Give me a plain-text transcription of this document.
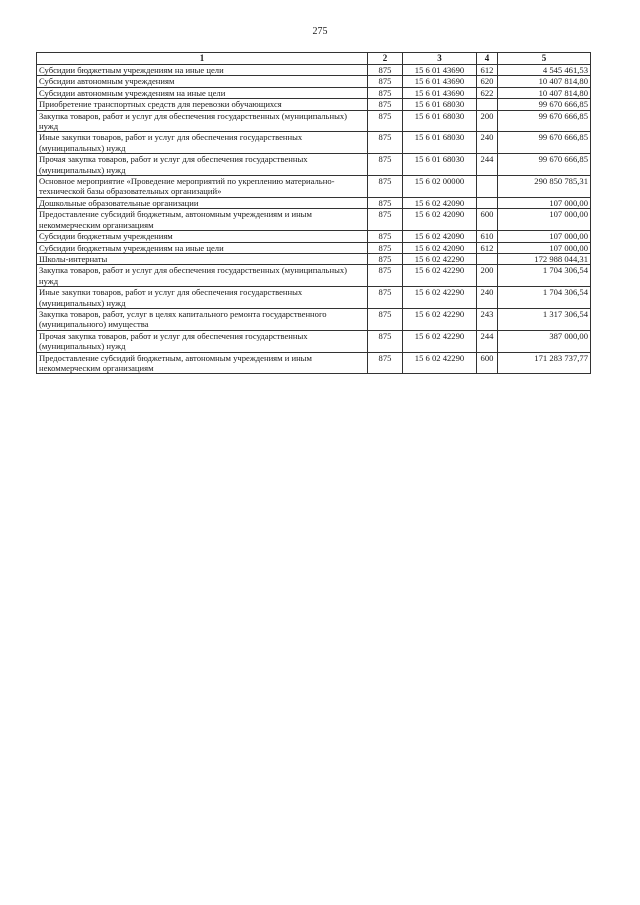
275
1	2	3	4	5
Субсидии бюджетным учреждениям на иные цели	875	15 6 01 43690	612	4 545 461,53
Субсидии автономным учреждениям	875	15 6 01 43690	620	10 407 814,80
Субсидии автономным учреждениям на иные цели	875	15 6 01 43690	622	10 407 814,80
Приобретение транспортных средств для перевозки обучающихся	875	15 6 01 68030		99 670 666,85
Закупка товаров, работ и услуг для обеспечения государственных (муниципальных) нужд	875	15 6 01 68030	200	99 670 666,85
Иные закупки товаров, работ и услуг для обеспечения государственных (муниципальных) нужд	875	15 6 01 68030	240	99 670 666,85
Прочая закупка товаров, работ и услуг для обеспечения государственных (муниципальных) нужд	875	15 6 01 68030	244	99 670 666,85
Основное мероприятие «Проведение мероприятий по укреплению материально-технической базы образовательных организаций»	875	15 6 02 00000		290 850 785,31
Дошкольные образовательные организации	875	15 6 02 42090		107 000,00
Предоставление субсидий бюджетным, автономным учреждениям и иным некоммерческим организациям	875	15 6 02 42090	600	107 000,00
Субсидии бюджетным учреждениям	875	15 6 02 42090	610	107 000,00
Субсидии бюджетным учреждениям на иные цели	875	15 6 02 42090	612	107 000,00
Школы-интернаты	875	15 6 02 42290		172 988 044,31
Закупка товаров, работ и услуг для обеспечения государственных (муниципальных) нужд	875	15 6 02 42290	200	1 704 306,54
Иные закупки товаров, работ и услуг для обеспечения государственных (муниципальных) нужд	875	15 6 02 42290	240	1 704 306,54
Закупка товаров, работ, услуг в целях капитального ремонта государственного (муниципального) имущества	875	15 6 02 42290	243	1 317 306,54
Прочая закупка товаров, работ и услуг для обеспечения государственных (муниципальных) нужд	875	15 6 02 42290	244	387 000,00
Предоставление субсидий бюджетным, автономным учреждениям и иным некоммерческим организациям	875	15 6 02 42290	600	171 283 737,77
